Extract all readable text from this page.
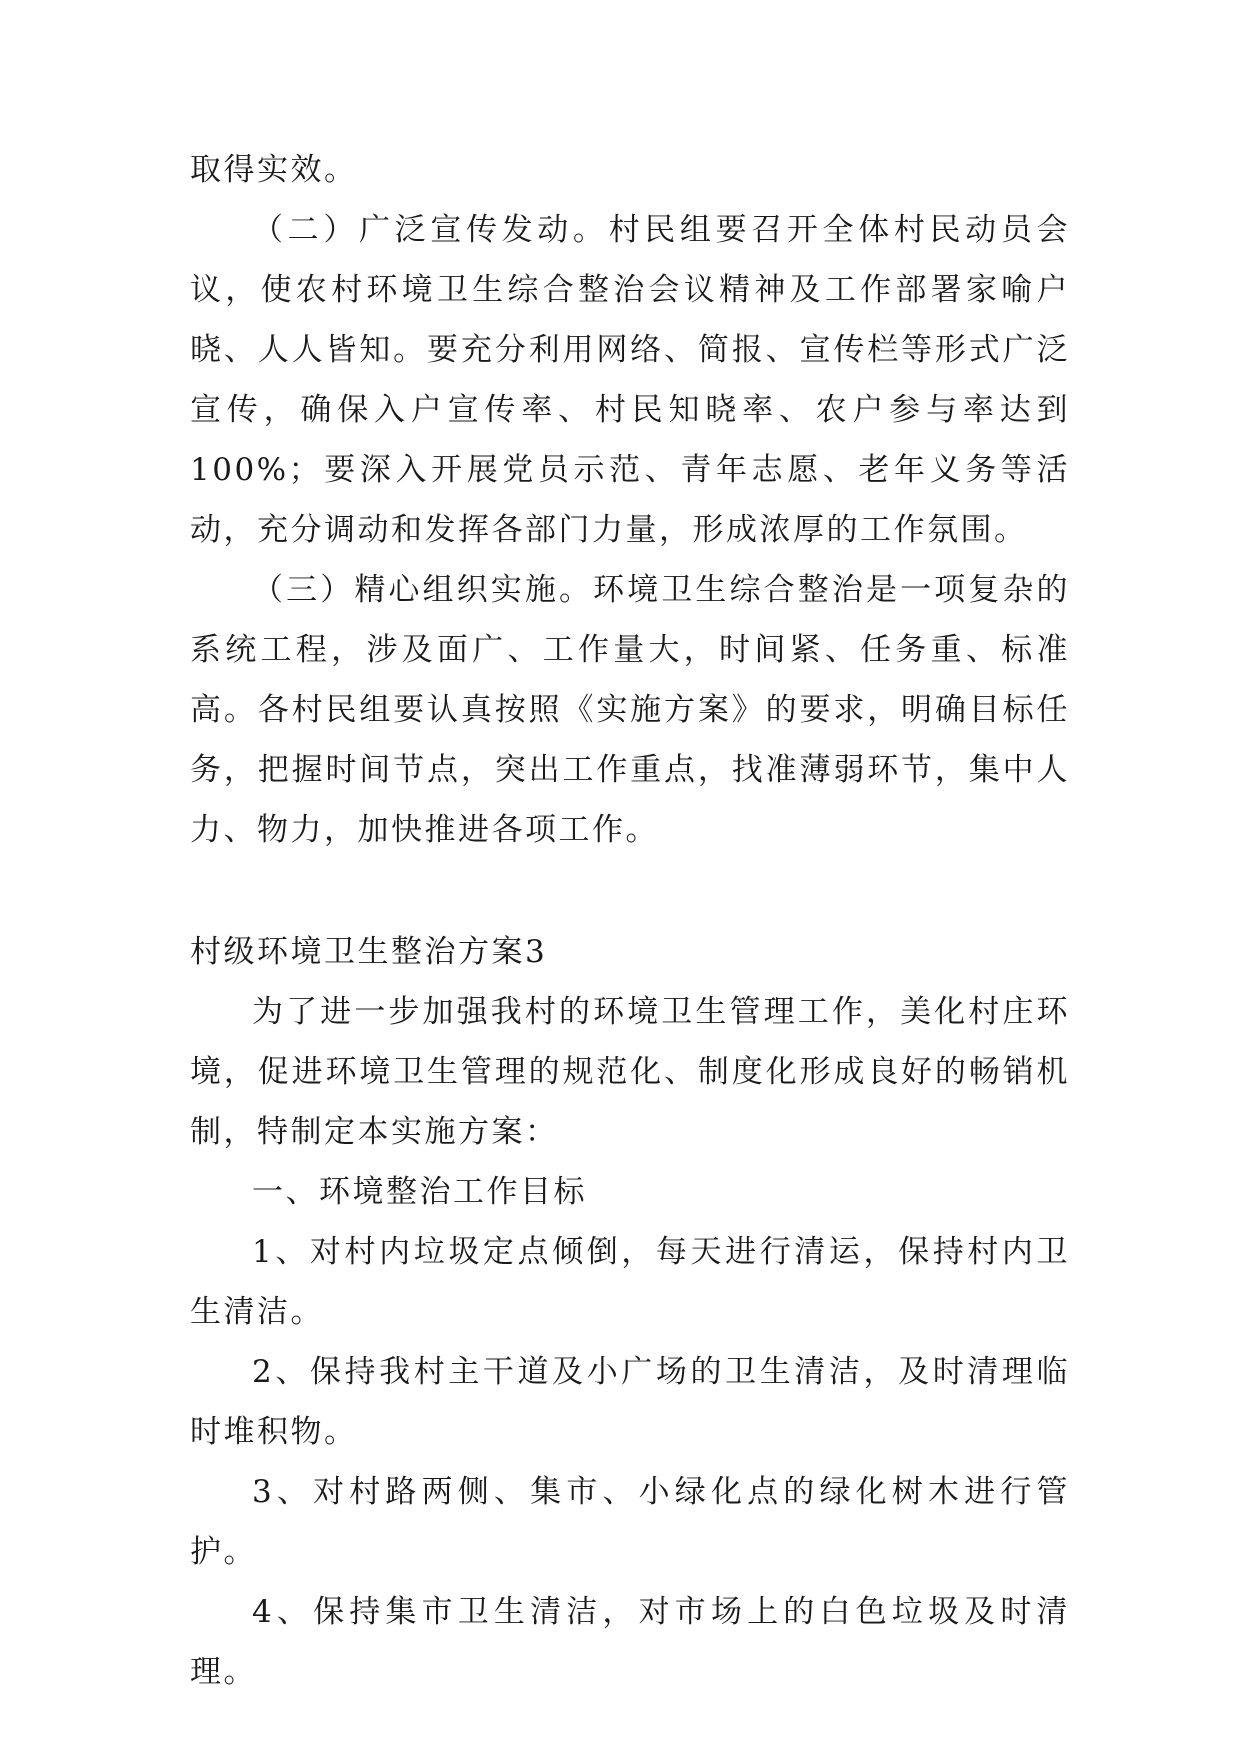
取得实效。

（二）广泛宣传发动。村民组要召开全体村民动员会议，使农村环境卫生综合整治会议精神及工作部署家喻户晓、人人皆知。要充分利用网络、简报、宣传栏等形式广泛宣传，确保入户宣传率、村民知晓率、农户参与率达到100%；要深入开展党员示范、青年志愿、老年义务等活动，充分调动和发挥各部门力量，形成浓厚的工作氛围。

（三）精心组织实施。环境卫生综合整治是一项复杂的系统工程，涉及面广、工作量大，时间紧、任务重、标准高。各村民组要认真按照《实施方案》的要求，明确目标任务，把握时间节点，突出工作重点，找准薄弱环节，集中人力、物力，加快推进各项工作。

村级环境卫生整治方案3

为了进一步加强我村的环境卫生管理工作，美化村庄环境，促进环境卫生管理的规范化、制度化形成良好的畅销机制，特制定本实施方案：

一、环境整治工作目标

1、对村内垃圾定点倾倒，每天进行清运，保持村内卫生清洁。

2、保持我村主干道及小广场的卫生清洁，及时清理临时堆积物。

3、对村路两侧、集市、小绿化点的绿化树木进行管护。

4、保持集市卫生清洁，对市场上的白色垃圾及时清理。
